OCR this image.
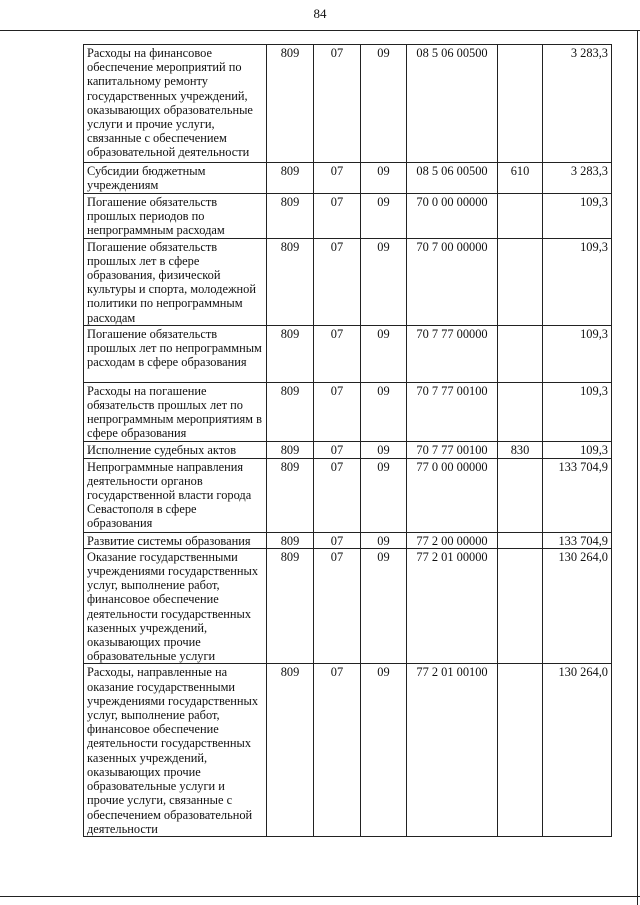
84
Расходы на финансовое обеспечение мероприятий по капитальному ремонту государственных учреждений, оказывающих образовательные услуги и прочие услуги, связанные с обеспечением образовательной деятельности	809	07	09	08 5 06 00500		3 283,3
Субсидии бюджетным учреждениям	809	07	09	08 5 06 00500	610	3 283,3
Погашение обязательств прошлых периодов по непрограммным расходам	809	07	09	70 0 00 00000		109,3
Погашение обязательств прошлых лет в сфере образования, физической культуры и спорта, молодежной политики по непрограммным расходам	809	07	09	70 7 00 00000		109,3
Погашение обязательств прошлых лет по непрограммным расходам в сфере образования	809	07	09	70 7 77 00000		109,3
Расходы на погашение обязательств прошлых лет по непрограммным мероприятиям в сфере образования	809	07	09	70 7 77 00100		109,3
Исполнение судебных актов	809	07	09	70 7 77 00100	830	109,3
Непрограммные направления деятельности органов государственной власти города Севастополя в сфере образования	809	07	09	77 0 00 00000		133 704,9
Развитие системы образования	809	07	09	77 2 00 00000		133 704,9
Оказание государственными учреждениями государственных услуг, выполнение работ, финансовое обеспечение деятельности государственных казенных учреждений, оказывающих прочие образовательные услуги	809	07	09	77 2 01 00000		130 264,0
Расходы, направленные на оказание государственными учреждениями государственных услуг, выполнение работ, финансовое обеспечение деятельности государственных казенных учреждений, оказывающих прочие образовательные услуги и прочие услуги, связанные с обеспечением образовательной деятельности	809	07	09	77 2 01 00100		130 264,0
